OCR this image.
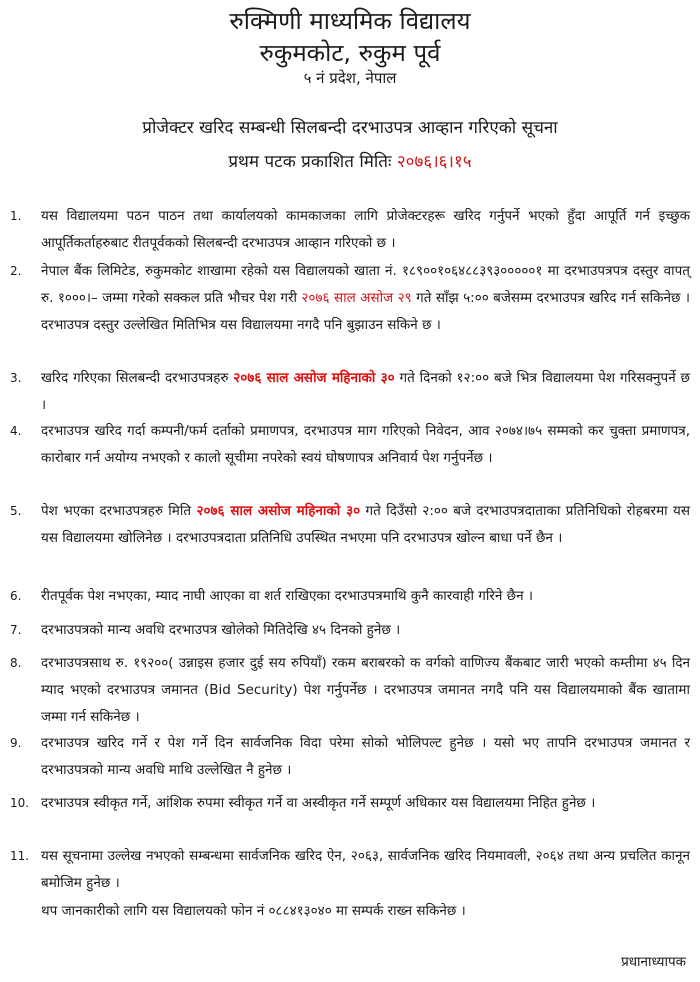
रुक्मिणी माध्यमिक विद्यालय
रुकुमकोट, रुकुम पूर्व
५ नं प्रदेश, नेपाल
प्रोजेक्टर खरिद सम्बन्धी सिलबन्दी दरभाउपत्र आव्हान गरिएको सूचना
प्रथम पटक प्रकाशित मितिः २०७६।६।१५
1.	यस विद्यालयमा पठन पाठन तथा कार्यालयको कामकाजका लागि प्रोजेक्टरहरू खरिद गर्नुपर्ने भएको हुँदा आपूर्ति गर्न इच्छुक आपूर्तिकर्ताहरुबाट रीतपूर्वकको सिलबन्दी दरभाउपत्र आव्हान गरिएको छ ।
2.	नेपाल बैंक लिमिटेड, रुकुमकोट शाखामा रहेको यस विद्यालयको खाता नं. १८९००१०६४८८३९३०००००१ मा दरभाउपत्रपत्र दस्तुर वापत् रु. १०००।– जम्मा गरेको सक्कल प्रति भौचर पेश गरी २०७६ साल असोज २९ गते साँझ ५:०० बजेसम्म दरभाउपत्र खरिद गर्न सकिनेछ । दरभाउपत्र दस्तुर उल्लेखित मितिभित्र यस विद्यालयमा नगदै पनि बुझाउन सकिने छ ।
3.	खरिद गरिएका सिलबन्दी दरभाउपत्रहरु २०७६ साल असोज महिनाको ३० गते दिनको १२:०० बजे भित्र विद्यालयमा पेश गरिसक्नुपर्ने छ ।
4.	दरभाउपत्र खरिद गर्दा कम्पनी/फर्म दर्ताको प्रमाणपत्र, दरभाउपत्र माग गरिएको निवेदन, आव २०७४।७५ सम्मको कर चुक्ता प्रमाणपत्र, कारोबार गर्न अयोग्य नभएको र कालो सूचीमा नपरेको स्वयं घोषणापत्र अनिवार्य पेश गर्नुपर्नेछ ।
5.	पेश भएका दरभाउपत्रहरु मिति २०७६ साल असोज महिनाको ३० गते दिउँसो २:०० बजे दरभाउपत्रदाताका प्रतिनिधिको रोहबरमा यस यस विद्यालयमा खोलिनेछ । दरभाउपत्रदाता प्रतिनिधि उपस्थित नभएमा पनि दरभाउपत्र खोल्न बाधा पर्ने छैन ।
6.	रीतपूर्वक पेश नभएका, म्याद नाघी आएका वा शर्त राखिएका दरभाउपत्रमाथि कुनै कारवाही गरिने छैन ।
7.	दरभाउपत्रको मान्य अवधि दरभाउपत्र खोलेको मितिदेखि ४५ दिनको हुनेछ ।
8.	दरभाउपत्रसाथ रु. १९२००( उन्नाइस हजार दुई सय रुपियाँ) रकम बराबरको क वर्गको वाणिज्य बैंकबाट जारी भएको कम्तीमा ४५ दिन म्याद भएको दरभाउपत्र जमानत (Bid Security) पेश गर्नुपर्नेछ । दरभाउपत्र जमानत नगदै पनि यस विद्यालयमाको बैंक खातामा जम्मा गर्न सकिनेछ ।
9.	दरभाउपत्र खरिद गर्ने र पेश गर्ने दिन सार्वजनिक विदा परेमा सोको भोलिपल्ट हुनेछ । यसो भए तापनि दरभाउपत्र जमानत र दरभाउपत्रको मान्य अवधि माथि उल्लेखित नै हुनेछ ।
10. दरभाउपत्र स्वीकृत गर्ने, आंशिक रुपमा स्वीकृत गर्ने वा अस्वीकृत गर्ने सम्पूर्ण अधिकार यस विद्यालयमा निहित हुनेछ ।
11. यस सूचनामा उल्लेख नभएको सम्बन्धमा सार्वजनिक खरिद ऐन, २०६३, सार्वजनिक खरिद नियमावली, २०६४ तथा अन्य प्रचलित कानून बमोजिम हुनेछ ।
थप जानकारीको लागि यस विद्यालयको फोन नं ०८८४१३०४० मा सम्पर्क राख्न सकिनेछ ।
प्रधानाध्यापक
